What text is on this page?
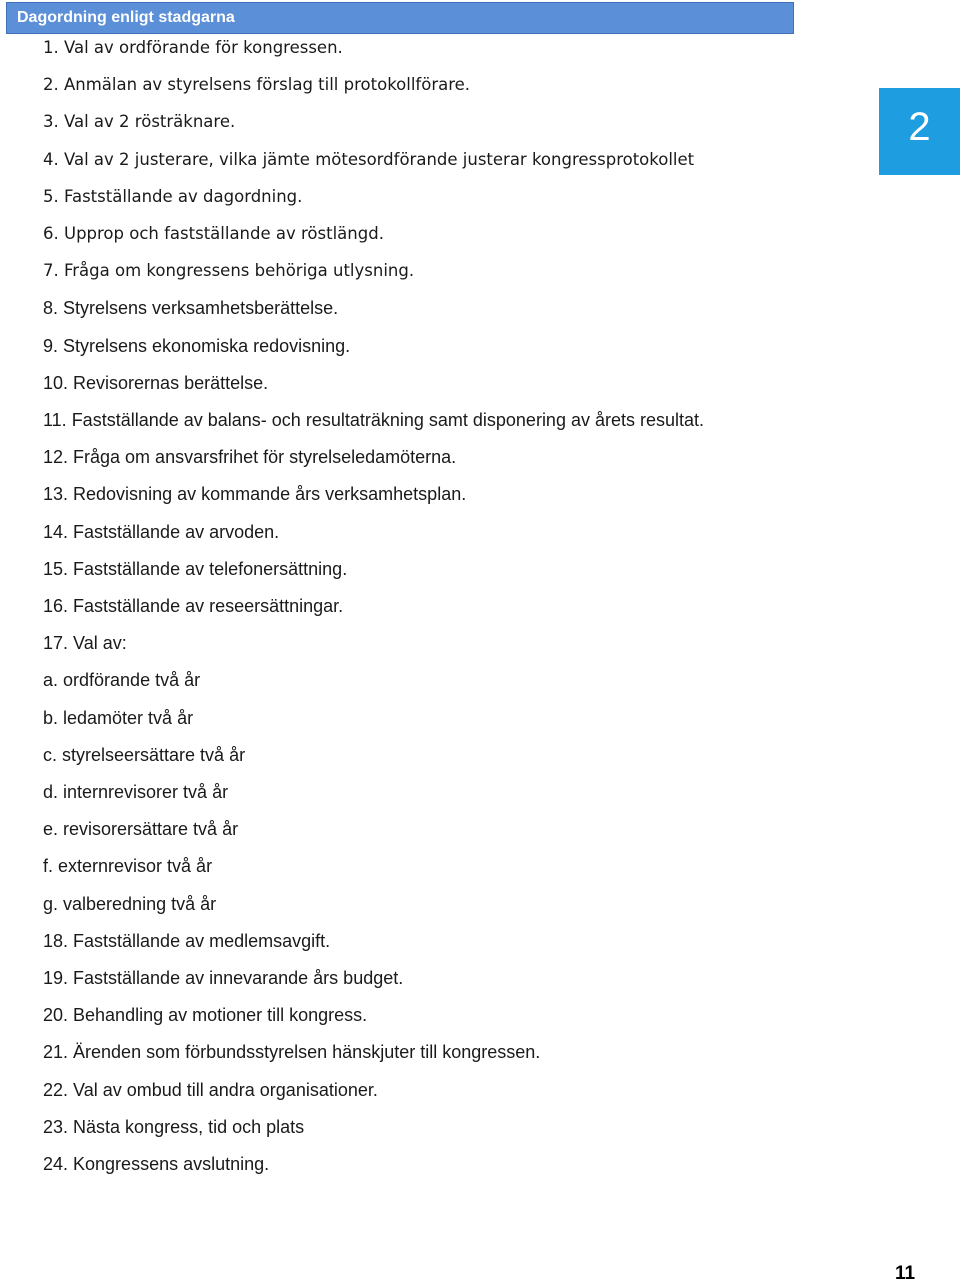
Dagordning enligt stadgarna
2
1. Val av ordförande för kongressen.
2. Anmälan av styrelsens förslag till protokollförare.
3. Val av 2 rösträknare.
4. Val av 2 justerare, vilka jämte mötesordförande justerar kongressprotokollet
5. Fastställande av dagordning.
6. Upprop och fastställande av röstlängd.
7. Fråga om kongressens behöriga utlysning.
8. Styrelsens verksamhetsberättelse.
9. Styrelsens ekonomiska redovisning.
10. Revisorernas berättelse.
11. Fastställande av balans- och resultaträkning samt disponering av årets resultat.
12. Fråga om ansvarsfrihet för styrelseledamöterna.
13. Redovisning av kommande års verksamhetsplan.
14. Fastställande av arvoden.
15. Fastställande av telefonersättning.
16. Fastställande av reseersättningar.
17. Val av:
a. ordförande två år
b. ledamöter två år
c. styrelseersättare två år
d. internrevisorer två år
e. revisorersättare två år
f. externrevisor två år
g. valberedning två år
18. Fastställande av medlemsavgift.
19. Fastställande av innevarande års budget.
20. Behandling av motioner till kongress.
21. Ärenden som förbundsstyrelsen hänskjuter till kongressen.
22. Val av ombud till andra organisationer.
23. Nästa kongress, tid och plats
24. Kongressens avslutning.
11
